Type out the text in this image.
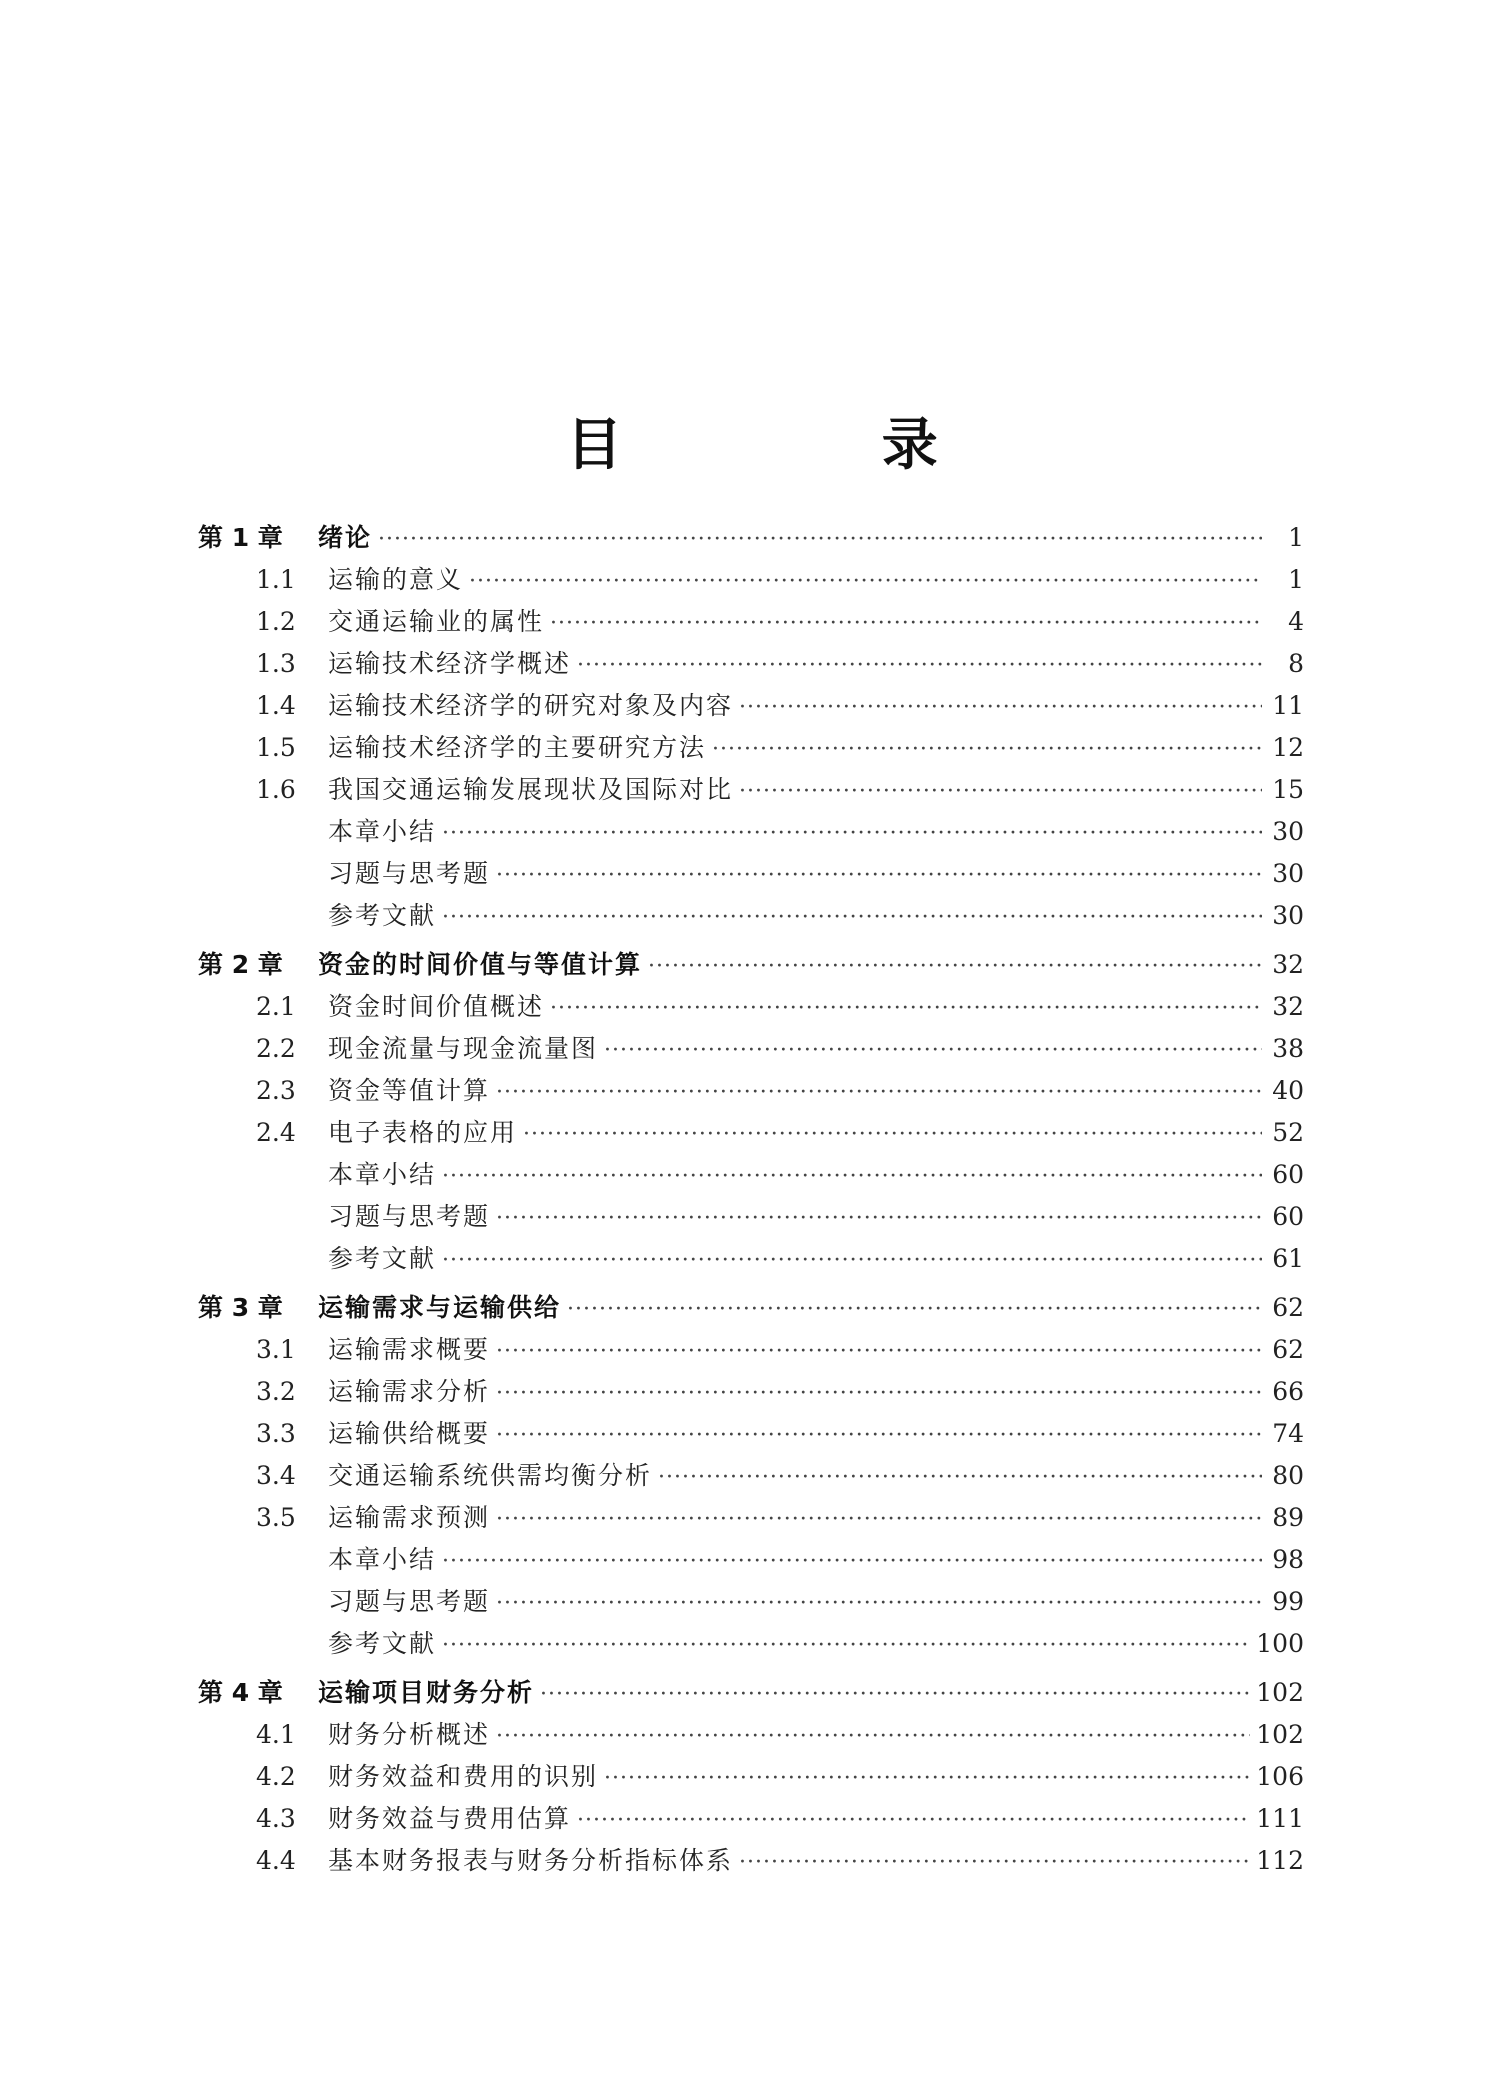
目 录
第 1 章	绪论 ·····	1
1.1	运输的意义 ·····	1
1.2	交通运输业的属性 ·····	4
1.3	运输技术经济学概述 ·····	8
1.4	运输技术经济学的研究对象及内容 ·····	11
1.5	运输技术经济学的主要研究方法 ·····	12
1.6	我国交通运输发展现状及国际对比 ·····	15
本章小结 ·····	30
习题与思考题 ·····	30
参考文献 ·····	30
第 2 章	资金的时间价值与等值计算 ·····	32
2.1	资金时间价值概述 ·····	32
2.2	现金流量与现金流量图 ·····	38
2.3	资金等值计算 ·····	40
2.4	电子表格的应用 ·····	52
本章小结 ·····	60
习题与思考题 ·····	60
参考文献 ·····	61
第 3 章	运输需求与运输供给 ·····	62
3.1	运输需求概要 ·····	62
3.2	运输需求分析 ·····	66
3.3	运输供给概要 ·····	74
3.4	交通运输系统供需均衡分析 ·····	80
3.5	运输需求预测 ·····	89
本章小结 ·····	98
习题与思考题 ·····	99
参考文献 ·····	100
第 4 章	运输项目财务分析 ·····	102
4.1	财务分析概述 ·····	102
4.2	财务效益和费用的识别 ·····	106
4.3	财务效益与费用估算 ·····	111
4.4	基本财务报表与财务分析指标体系 ·····	112
